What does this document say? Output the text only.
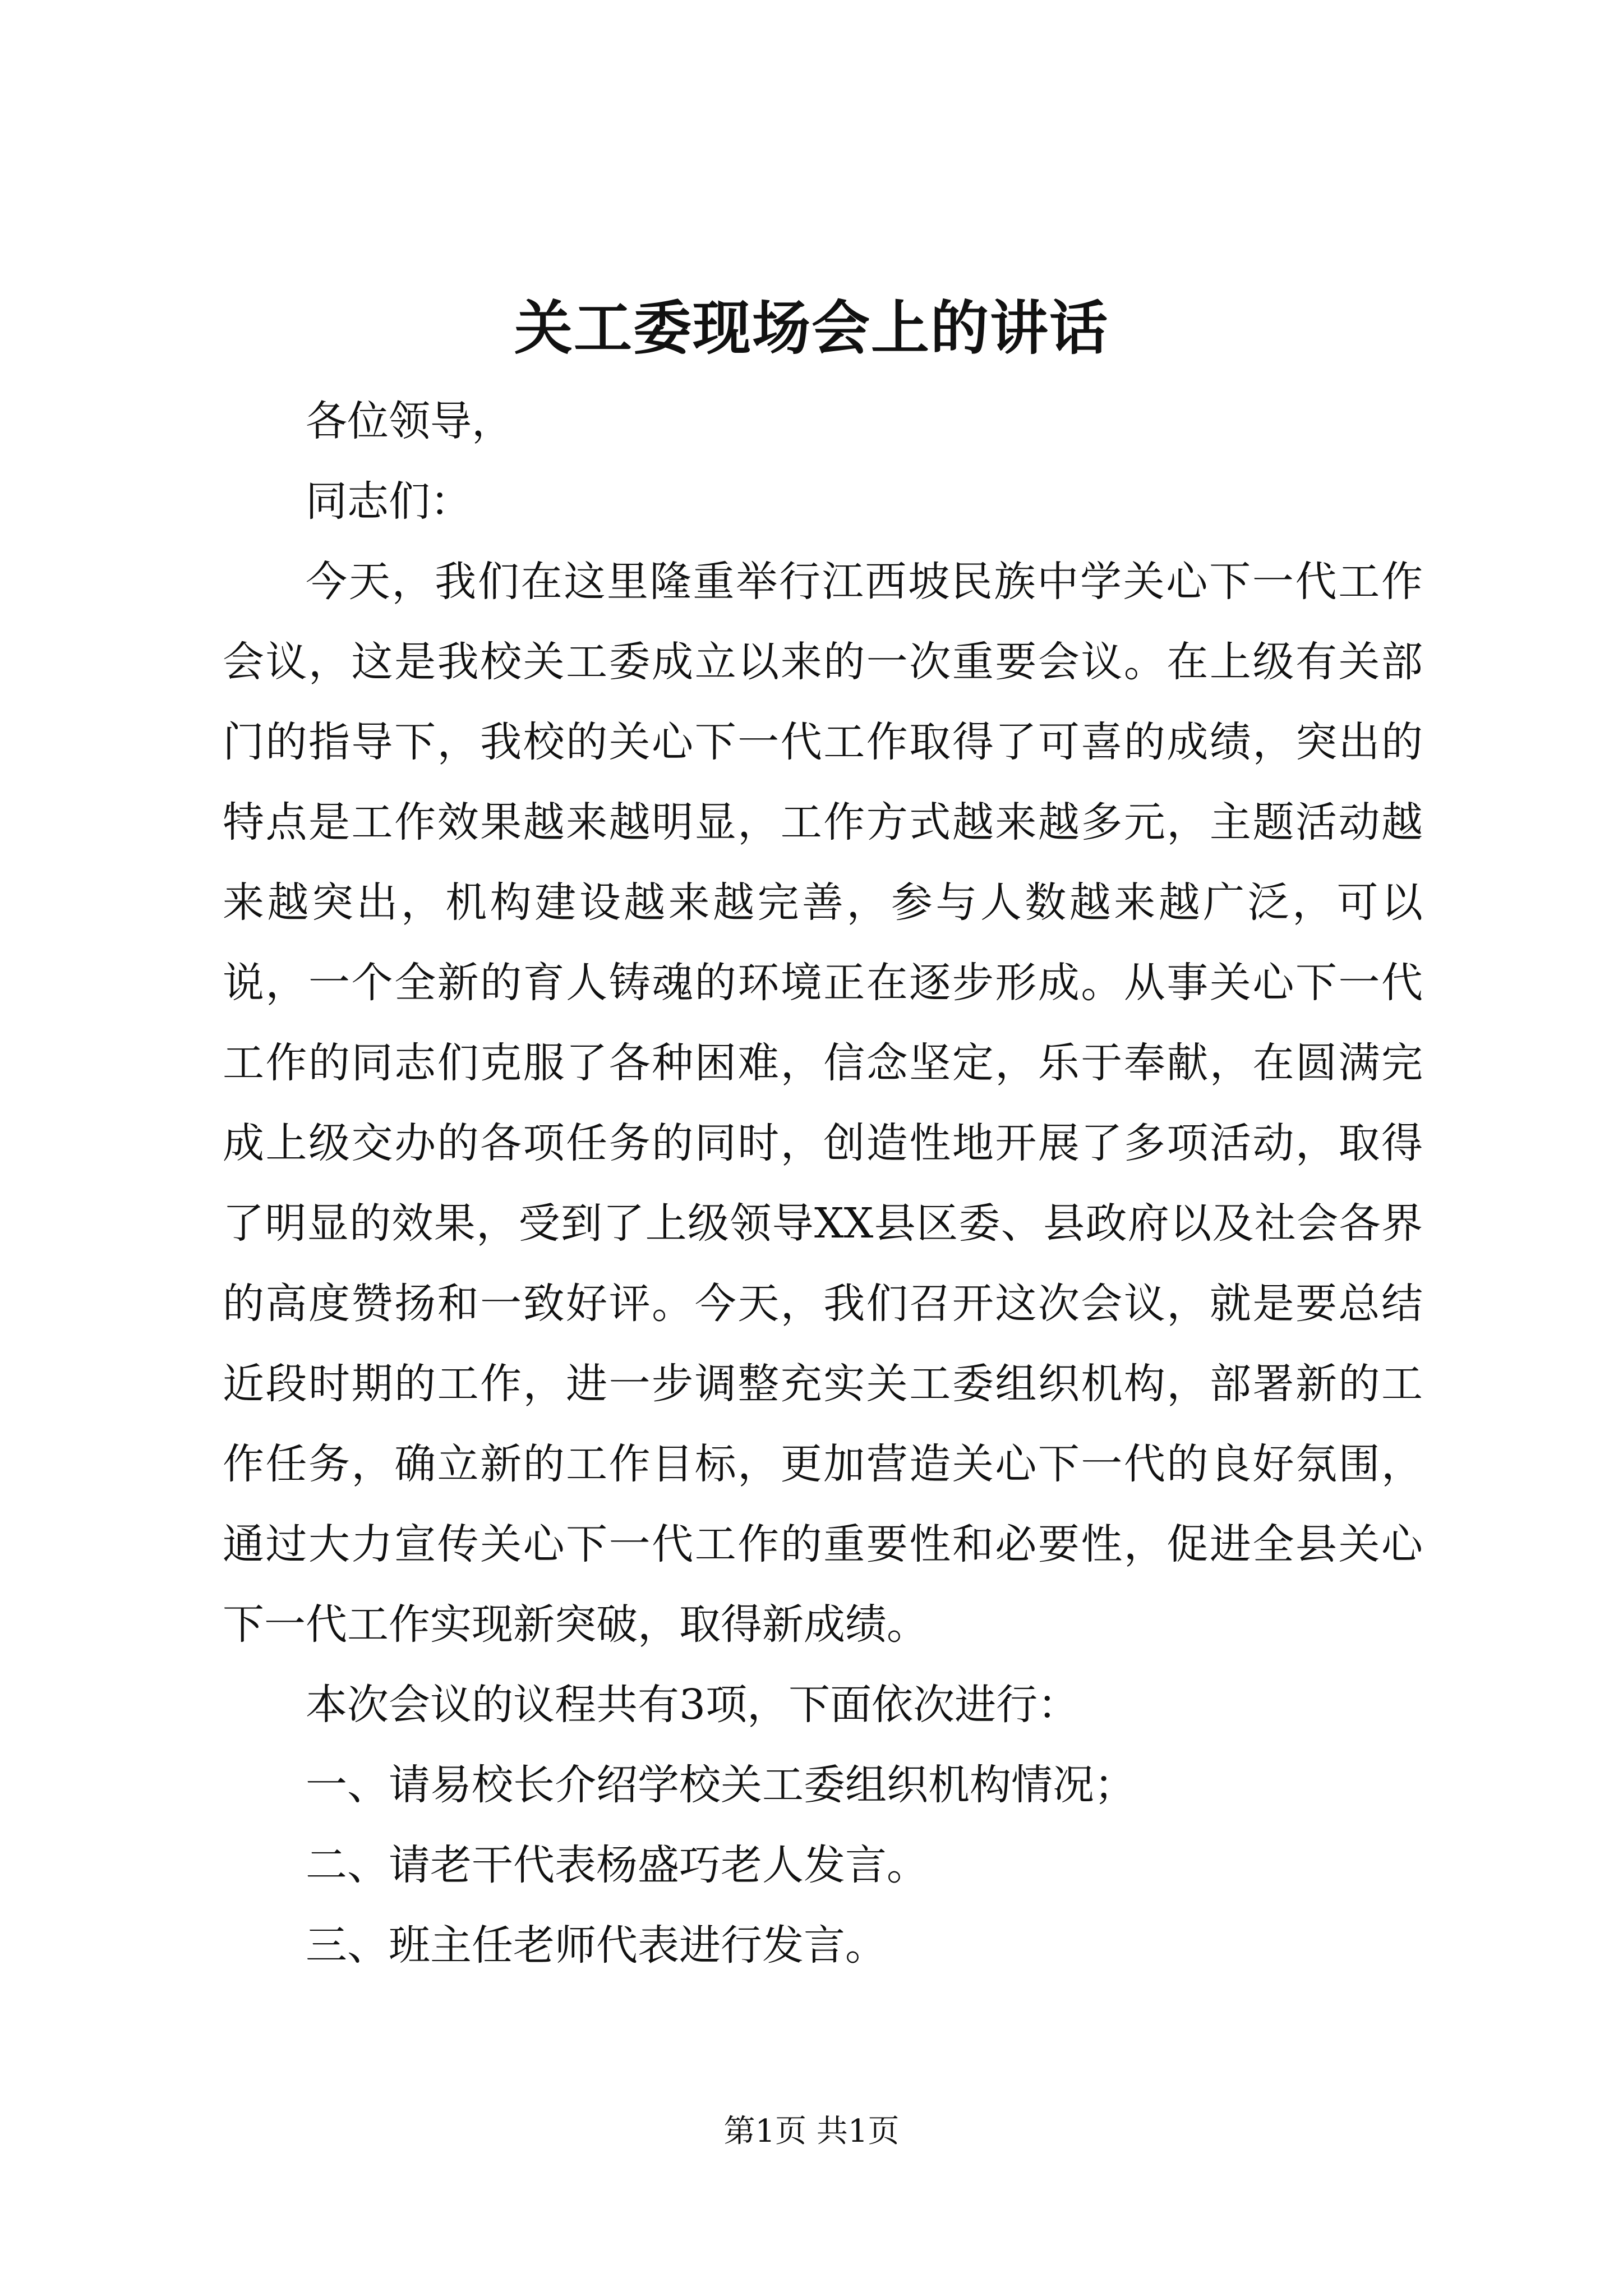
关工委现场会上的讲话

各位领导，

同志们：

今天，我们在这里隆重举行江西坡民族中学关心下一代工作会议，这是我校关工委成立以来的一次重要会议。在上级有关部门的指导下，我校的关心下一代工作取得了可喜的成绩，突出的特点是工作效果越来越明显，工作方式越来越多元，主题活动越来越突出，机构建设越来越完善，参与人数越来越广泛，可以说，一个全新的育人铸魂的环境正在逐步形成。从事关心下一代工作的同志们克服了各种困难，信念坚定，乐于奉献，在圆满完成上级交办的各项任务的同时，创造性地开展了多项活动，取得了明显的效果，受到了上级领导XX县区委、县政府以及社会各界的高度赞扬和一致好评。今天，我们召开这次会议，就是要总结近段时期的工作，进一步调整充实关工委组织机构，部署新的工作任务，确立新的工作目标，更加营造关心下一代的良好氛围，通过大力宣传关心下一代工作的重要性和必要性，促进全县关心下一代工作实现新突破，取得新成绩。

本次会议的议程共有3项，下面依次进行：

一、请易校长介绍学校关工委组织机构情况；

二、请老干代表杨盛巧老人发言。

三、班主任老师代表进行发言。

第1页 共1页
